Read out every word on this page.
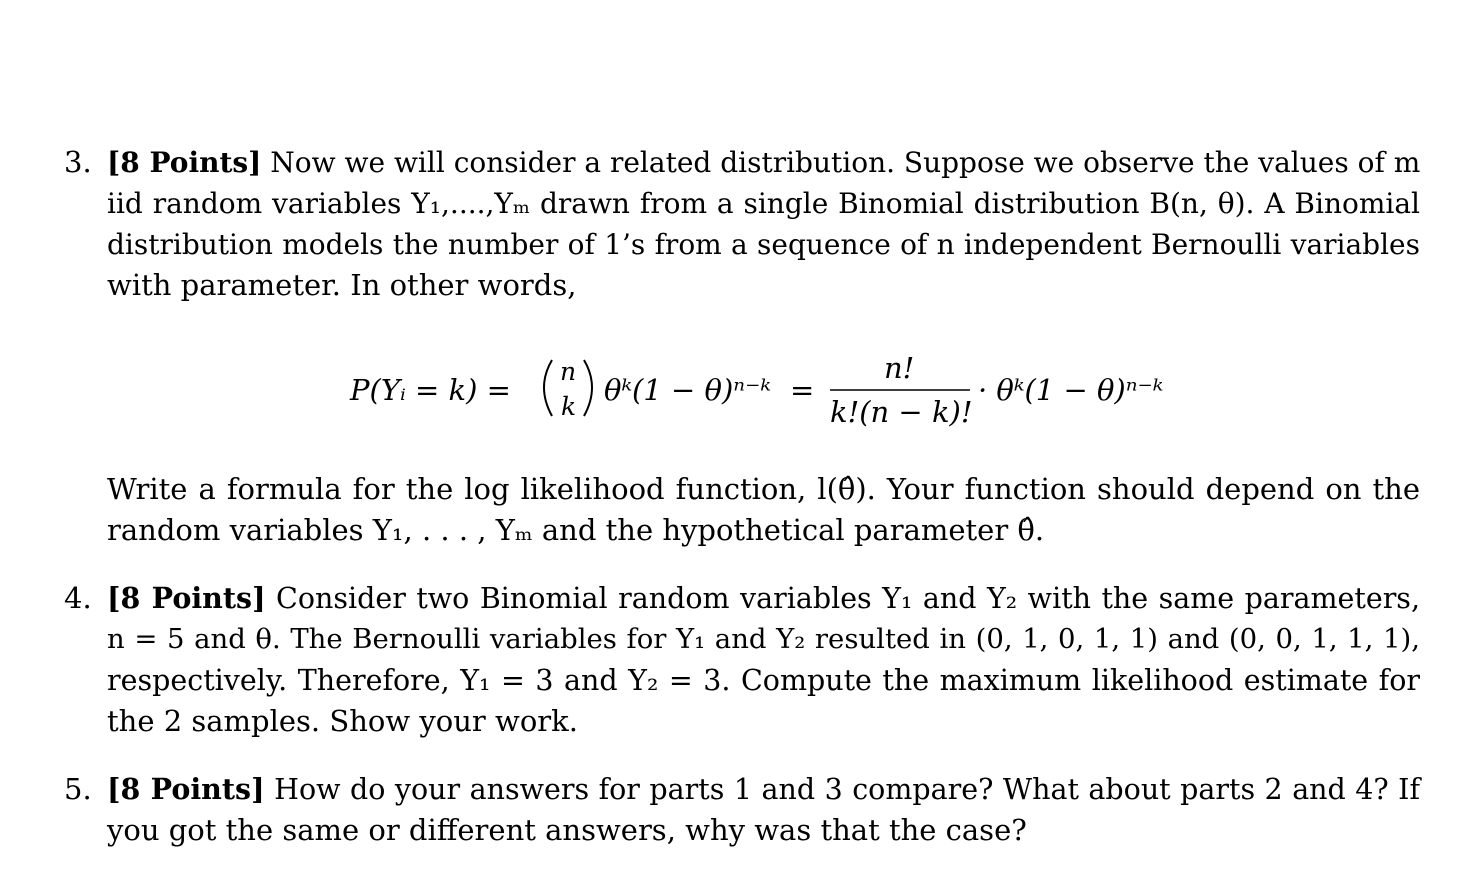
3. [8 Points] Now we will consider a related distribution. Suppose we observe the values of m
iid random variables Y₁,....,Yₘ drawn from a single Binomial distribution B(n, θ). A Binomial
distribution models the number of 1’s from a sequence of n independent Bernoulli variables
with parameter. In other words,
P(Yᵢ = k) =
n
k θᵏ(1 − θ)ⁿ⁻ᵏ =
n!
k!(n − k)!
· θᵏ(1 − θ)ⁿ⁻ᵏ
Write a formula for the log likelihood function, l(θ̂). Your function should depend on the
random variables Y₁, . . . , Yₘ and the hypothetical parameter θ̂.
4. [8 Points] Consider two Binomial random variables Y₁ and Y₂ with the same parameters,
n = 5 and θ. The Bernoulli variables for Y₁ and Y₂ resulted in (0, 1, 0, 1, 1) and (0, 0, 1, 1, 1),
respectively. Therefore, Y₁ = 3 and Y₂ = 3. Compute the maximum likelihood estimate for
the 2 samples. Show your work.
5. [8 Points] How do your answers for parts 1 and 3 compare? What about parts 2 and 4? If
you got the same or different answers, why was that the case?
